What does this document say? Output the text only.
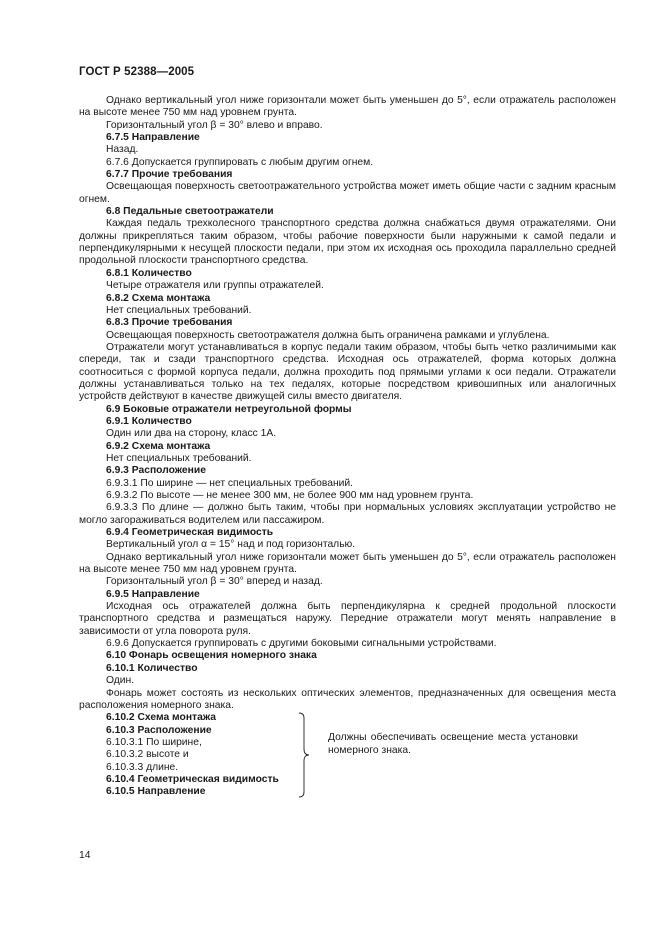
ГОСТ Р 52388—2005

Однако вертикальный угол ниже горизонтали может быть уменьшен до 5°, если отражатель расположен на высоте менее 750 мм над уровнем грунта.

Горизонтальный угол β = 30° влево и вправо.

6.7.5 Направление

Назад.

6.7.6 Допускается группировать с любым другим огнем.

6.7.7 Прочие требования

Освещающая поверхность светоотражательного устройства может иметь общие части с задним красным огнем.

6.8 Педальные светоотражатели

Каждая педаль трехколесного транспортного средства должна снабжаться двумя отражателями. Они должны прикрепляться таким образом, чтобы рабочие поверхности были наружными к самой педали и перпендикулярными к несущей плоскости педали, при этом их исходная ось проходила параллельно средней продольной плоскости транспортного средства.

6.8.1 Количество

Четыре отражателя или группы отражателей.

6.8.2 Схема монтажа

Нет специальных требований.

6.8.3 Прочие требования

Освещающая поверхность светоотражателя должна быть ограничена рамками и углублена.

Отражатели могут устанавливаться в корпус педали таким образом, чтобы быть четко различимыми как спереди, так и сзади транспортного средства. Исходная ось отражателей, форма которых должна соотноситься с формой корпуса педали, должна проходить под прямыми углами к оси педали. Отражатели должны устанавливаться только на тех педалях, которые посредством кривошипных или аналогичных устройств действуют в качестве движущей силы вместо двигателя.

6.9 Боковые отражатели нетреугольной формы

6.9.1 Количество

Один или два на сторону, класс 1А.

6.9.2 Схема монтажа

Нет специальных требований.

6.9.3 Расположение

6.9.3.1 По ширине — нет специальных требований.

6.9.3.2 По высоте — не менее 300 мм, не более 900 мм над уровнем грунта.

6.9.3.3 По длине — должно быть таким, чтобы при нормальных условиях эксплуатации устройство не могло загораживаться водителем или пассажиром.

6.9.4 Геометрическая видимость

Вертикальный угол α = 15° над и под горизонталью.

Однако вертикальный угол ниже горизонтали может быть уменьшен до 5°, если отражатель расположен на высоте менее 750 мм над уровнем грунта.

Горизонтальный угол β = 30° вперед и назад.

6.9.5 Направление

Исходная ось отражателей должна быть перпендикулярна к средней продольной плоскости транспортного средства и размещаться наружу. Передние отражатели могут менять направление в зависимости от угла поворота руля.

6.9.6 Допускается группировать с другими боковыми сигнальными устройствами.

6.10 Фонарь освещения номерного знака

6.10.1 Количество

Один.

Фонарь может состоять из нескольких оптических элементов, предназначенных для освещения места расположения номерного знака.

6.10.2 Схема монтажа

6.10.3 Расположение

6.10.3.1 По ширине,

6.10.3.2 высоте и

6.10.3.3 длине.

6.10.4 Геометрическая видимость

6.10.5 Направление

Должны обеспечивать освещение места установки номерного знака.

14
